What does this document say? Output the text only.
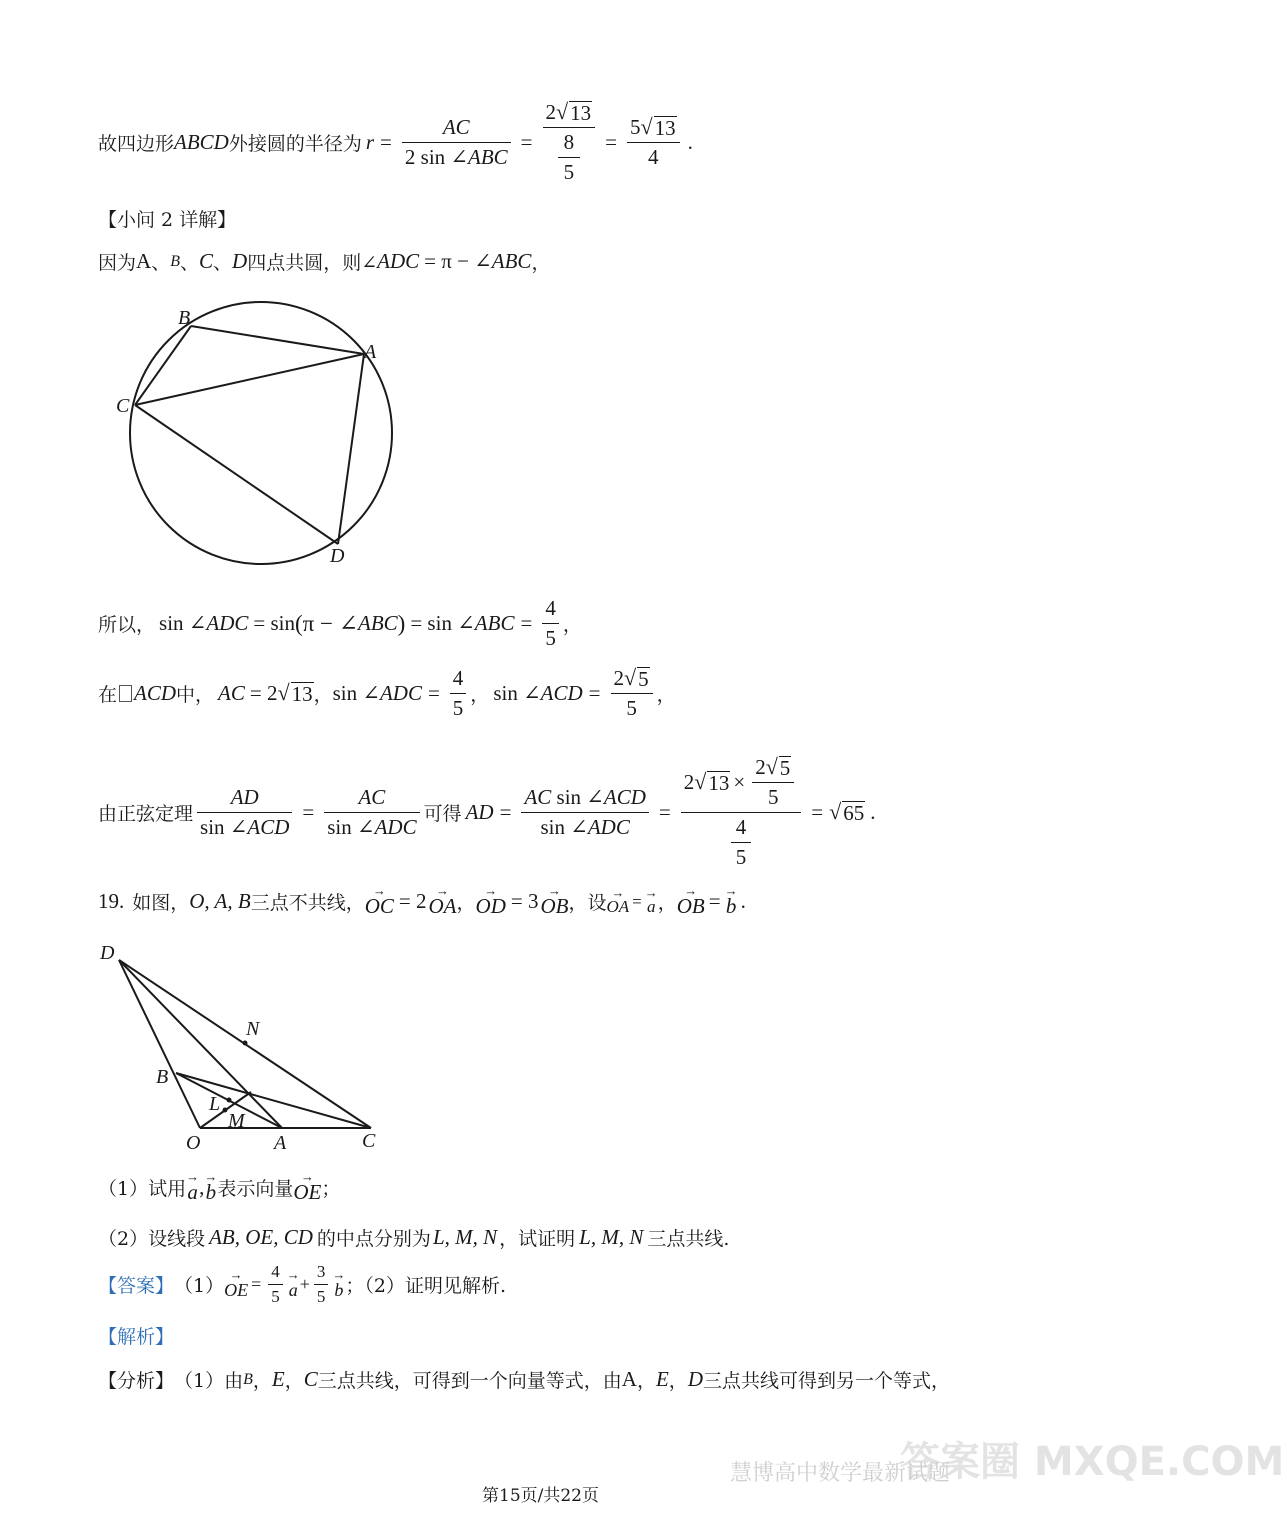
故四边形 ABCD 外接圆的半径为 $r = \frac{AC}{\text{2 sin ∠ABC}} = \frac{2 √ 13}{\frac{8}{5}} = \frac{5 √ 13}{4}$ .
【小问 2 详解】
因为 A 、 B 、 C 、 D 四点共圆，则∠ ADC = π − ∠ ABC ，
B
A
C
D
所以， sin ∠ ADC = sin (π − ∠ ABC ) = sin ∠ ABC = $\frac{4}{5}$ ，
在 ACD 中， AC = 2 √ 13 ， sin ∠ ADC = $\frac{4}{5}$ ， sin ∠ ACD = $\frac{2 √ 5}{5}$ ，
由正弦定理 $\frac{AD}{\text{sin ∠ACD}} = \frac{AC}{\text{sin ∠ADC}}$ 可得 AD = $\frac{\text{AC sin ∠ACD}}{\text{sin ∠ADC}} = \frac{2 √ 13 \times \frac{2 √ 5}{5}}{\frac{4}{5}}$ = √ 65 .
19. 如图， O, A, B 三点不共线，
→
OC = 2 →
OA ，
→
OD = 3 →
OB ，设 →
OA = →
a ，
→
OB = →
b .
D
N
B
L
M
O	A	C
（1）试用
→
a , →
b 表示向量
→
OE ；
（2）设线段 AB, OE, CD 的中点分别为 L, M, N ，试证明 L, M, N 三点共线.
【答案】 （1）
→
OE = $\frac{4}{5}$ →
$a + \frac{3}{5}$ →
b ；（2）证明见解析.
【解析】
【分析】 （1）由 B ， E ， C 三点共线，可得到一个向量等式，由 A ， E ， D 三点共线可得到另一个等式，
答案圈 MXQE.COM
慧博高中数学最新试题
第15页/共22页
